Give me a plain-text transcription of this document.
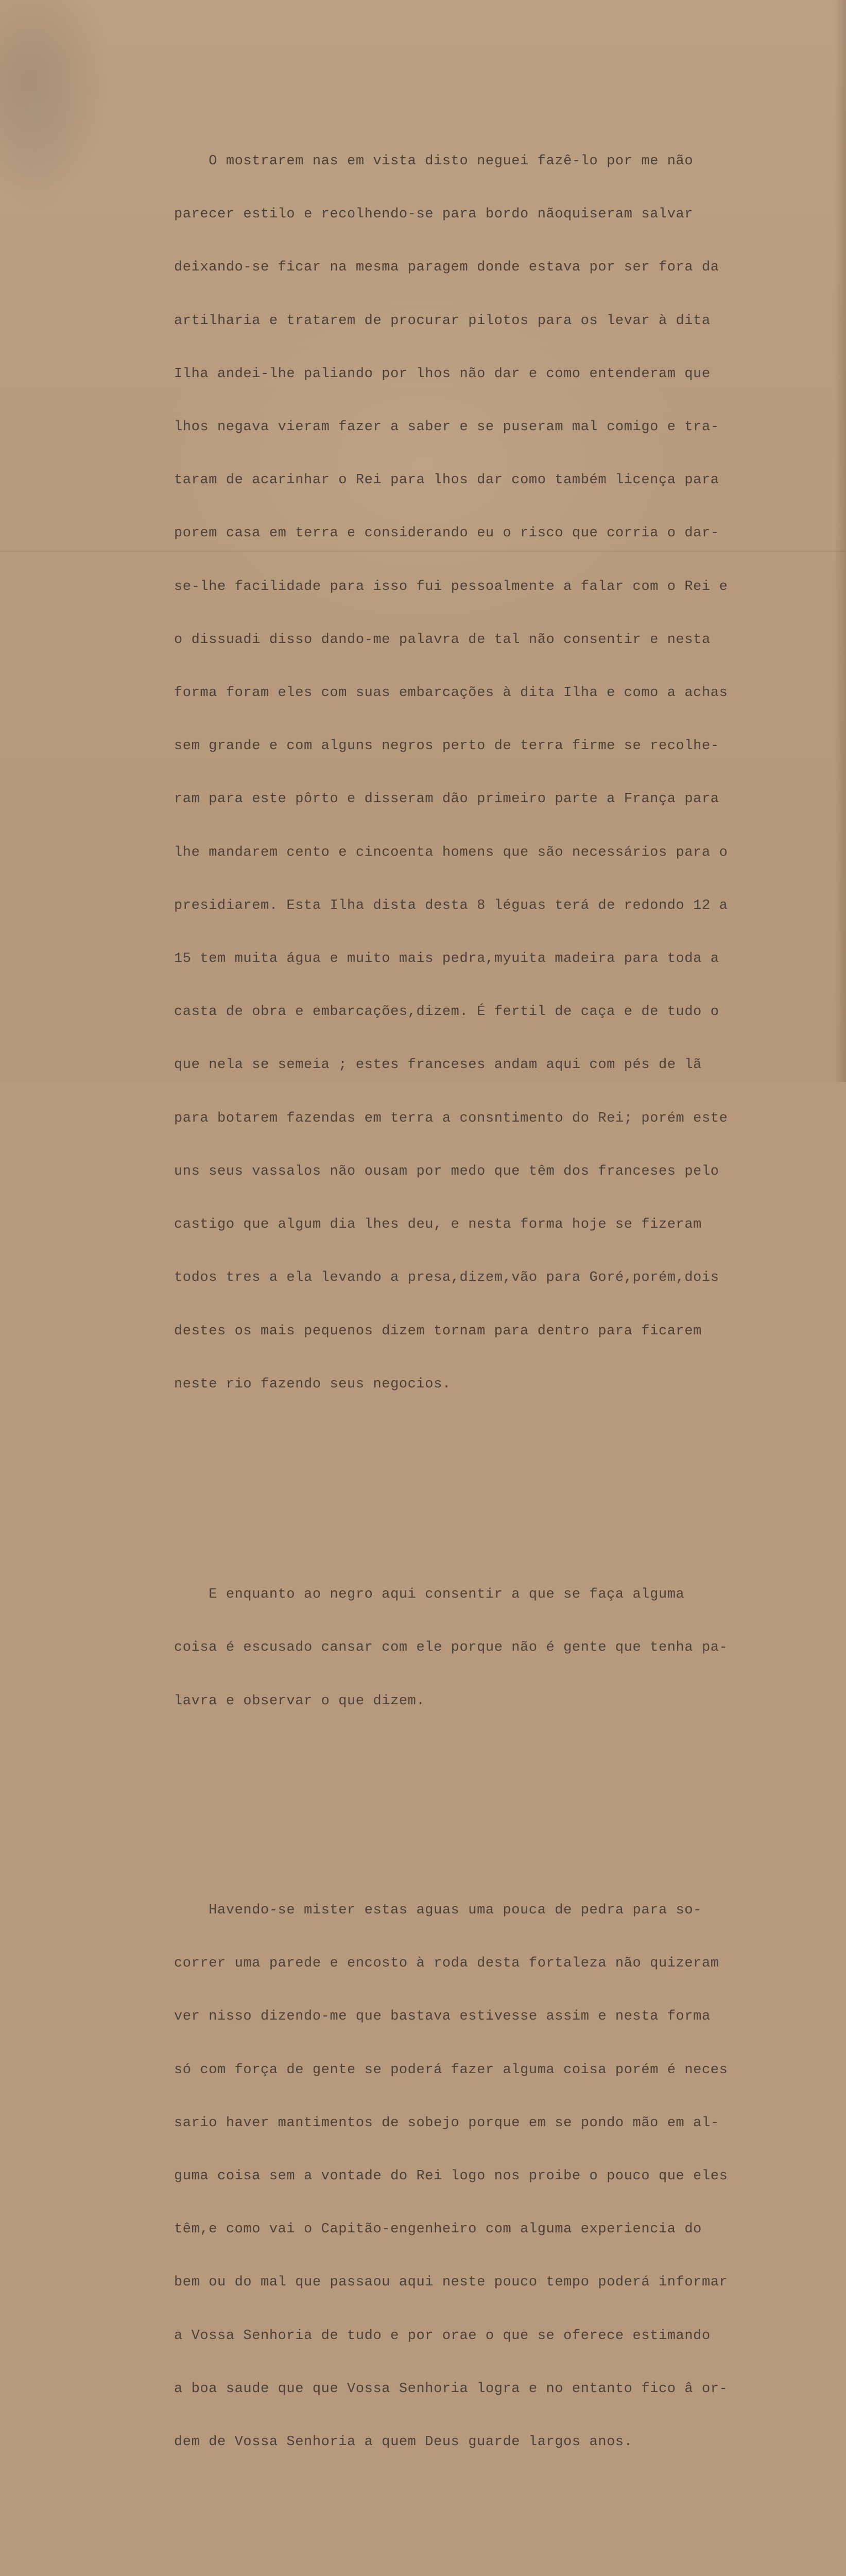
O mostrarem nas em vista disto neguei fazê-lo por me não

parecer estilo e recolhendo-se para bordo nãoquiseram salvar

deixando-se ficar na mesma paragem donde estava por ser fora da

artilharia e tratarem de procurar pilotos para os levar à dita

Ilha andei-lhe paliando por lhos não dar e como entenderam que

lhos negava vieram fazer a saber e se puseram mal comigo e tra-

taram de acarinhar o Rei para lhos dar como também licença para

porem casa em terra e considerando eu o risco que corria o dar-

se-lhe facilidade para isso fui pessoalmente a falar com o Rei e

o dissuadi disso dando-me palavra de tal não consentir e nesta

forma foram eles com suas embarcações à dita Ilha e como a achas

sem grande e com alguns negros perto de terra firme se recolhe-

ram para este pôrto e disseram dão primeiro parte a França para

lhe mandarem cento e cincoenta homens que são necessários para o

presidiarem. Esta Ilha dista desta 8 léguas terá de redondo 12 a

15 tem muita água e muito mais pedra,myuita madeira para toda a

casta de obra e embarcações,dizem. É fertil de caça e de tudo o

que nela se semeia ; estes franceses andam aqui com pés de lã

para botarem fazendas em terra a consntimento do Rei; porém este

uns seus vassalos não ousam por medo que têm dos franceses pelo

castigo que algum dia lhes deu, e nesta forma hoje se fizeram

todos tres a ela levando a presa,dizem,vão para Goré,porém,dois

destes os mais pequenos dizem tornam para dentro para ficarem

neste rio fazendo seus negocios.

E enquanto ao negro aqui consentir a que se faça alguma

coisa é escusado cansar com ele porque não é gente que tenha pa-

lavra e observar o que dizem.

Havendo-se mister estas aguas uma pouca de pedra para so-

correr uma parede e encosto à roda desta fortaleza não quizeram

ver nisso dizendo-me que bastava estivesse assim e nesta forma

só com força de gente se poderá fazer alguma coisa porém é neces

sario haver mantimentos de sobejo porque em se pondo mão em al-

guma coisa sem a vontade do Rei logo nos proibe o pouco que eles

têm,e como vai o Capitão-engenheiro com alguma experiencia do

bem ou do mal que passaou aqui neste pouco tempo poderá informar

a Vossa Senhoria de tudo e por orae o que se oferece estimando

a boa saude que que Vossa Senhoria logra e no entanto fico â or-

dem de Vossa Senhoria a quem Deus guarde largos anos.
